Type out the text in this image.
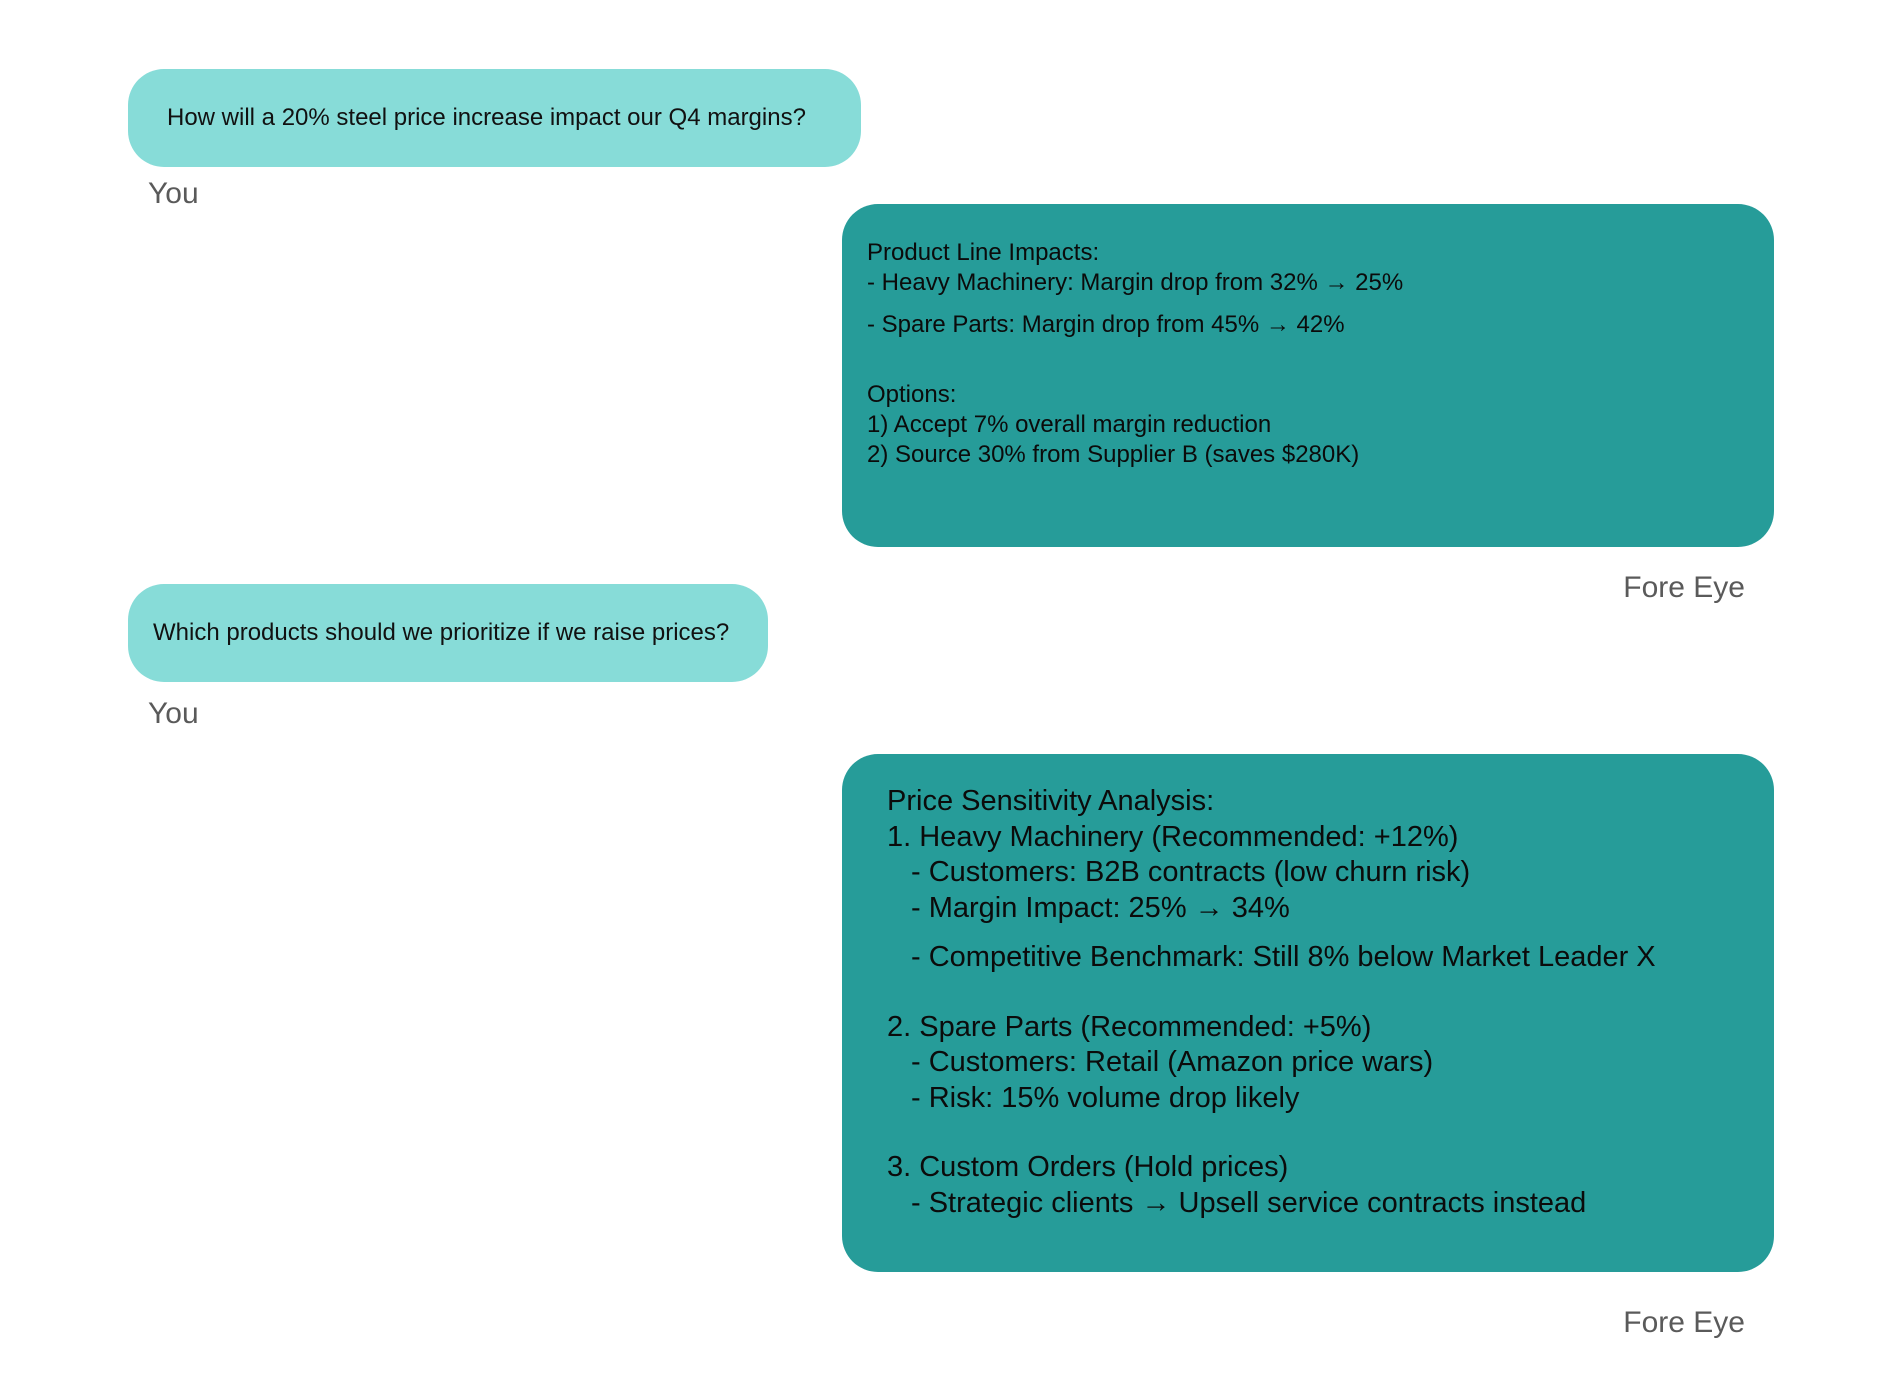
How will a 20% steel price increase impact our Q4 margins?
You
Product Line Impacts:
- Heavy Machinery: Margin drop from 32% → 25%
- Spare Parts: Margin drop from 45% → 42%
Options:
1) Accept 7% overall margin reduction
2) Source 30% from Supplier B (saves $280K)
Fore Eye
Which products should we prioritize if we raise prices?
You
Price Sensitivity Analysis:
1. Heavy Machinery (Recommended: +12%)
- Customers: B2B contracts (low churn risk)
- Margin Impact: 25% → 34%
- Competitive Benchmark: Still 8% below Market Leader X
2. Spare Parts (Recommended: +5%)
- Customers: Retail (Amazon price wars)
- Risk: 15% volume drop likely
3. Custom Orders (Hold prices)
- Strategic clients → Upsell service contracts instead
Fore Eye
